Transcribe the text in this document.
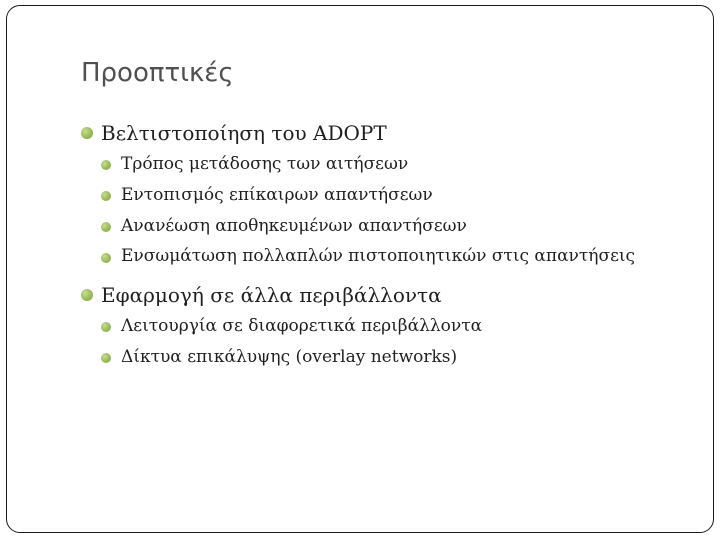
Προοπτικές
Βελτιστοποίηση του ADOPT
Τρόπος μετάδοσης των αιτήσεων
Εντοπισμός επίκαιρων απαντήσεων
Ανανέωση αποθηκευμένων απαντήσεων
Ενσωμάτωση πολλαπλών πιστοποιητικών στις απαντήσεις
Εφαρμογή σε άλλα περιβάλλοντα
Λειτουργία σε διαφορετικά περιβάλλοντα
Δίκτυα επικάλυψης (overlay networks)
